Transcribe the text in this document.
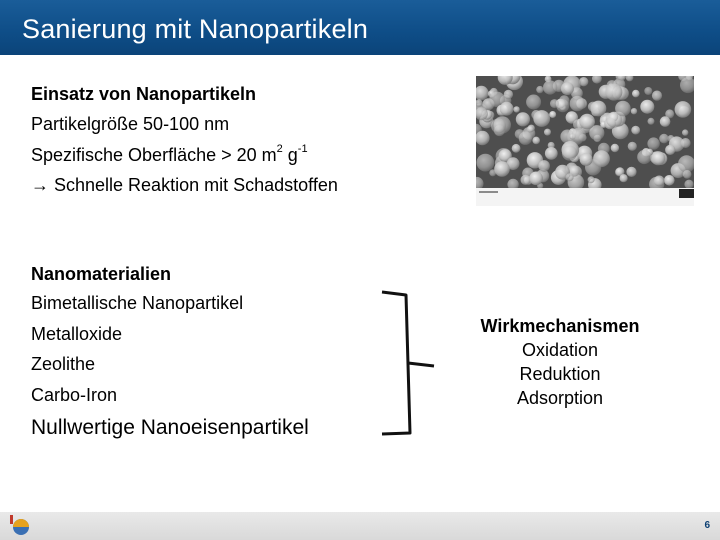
Sanierung mit Nanopartikeln
Einsatz von Nanopartikeln
Partikelgröße 50-100 nm
Spezifische Oberfläche > 20 $m^2$ $g^{-1}$
→ Schnelle Reaktion mit Schadstoffen
Nanomaterialien
Bimetallische Nanopartikel
Metalloxide
Zeolithe
Carbo-Iron
Nullwertige Nanoeisenpartikel
Wirkmechanismen
Oxidation
Reduktion
Adsorption
6
